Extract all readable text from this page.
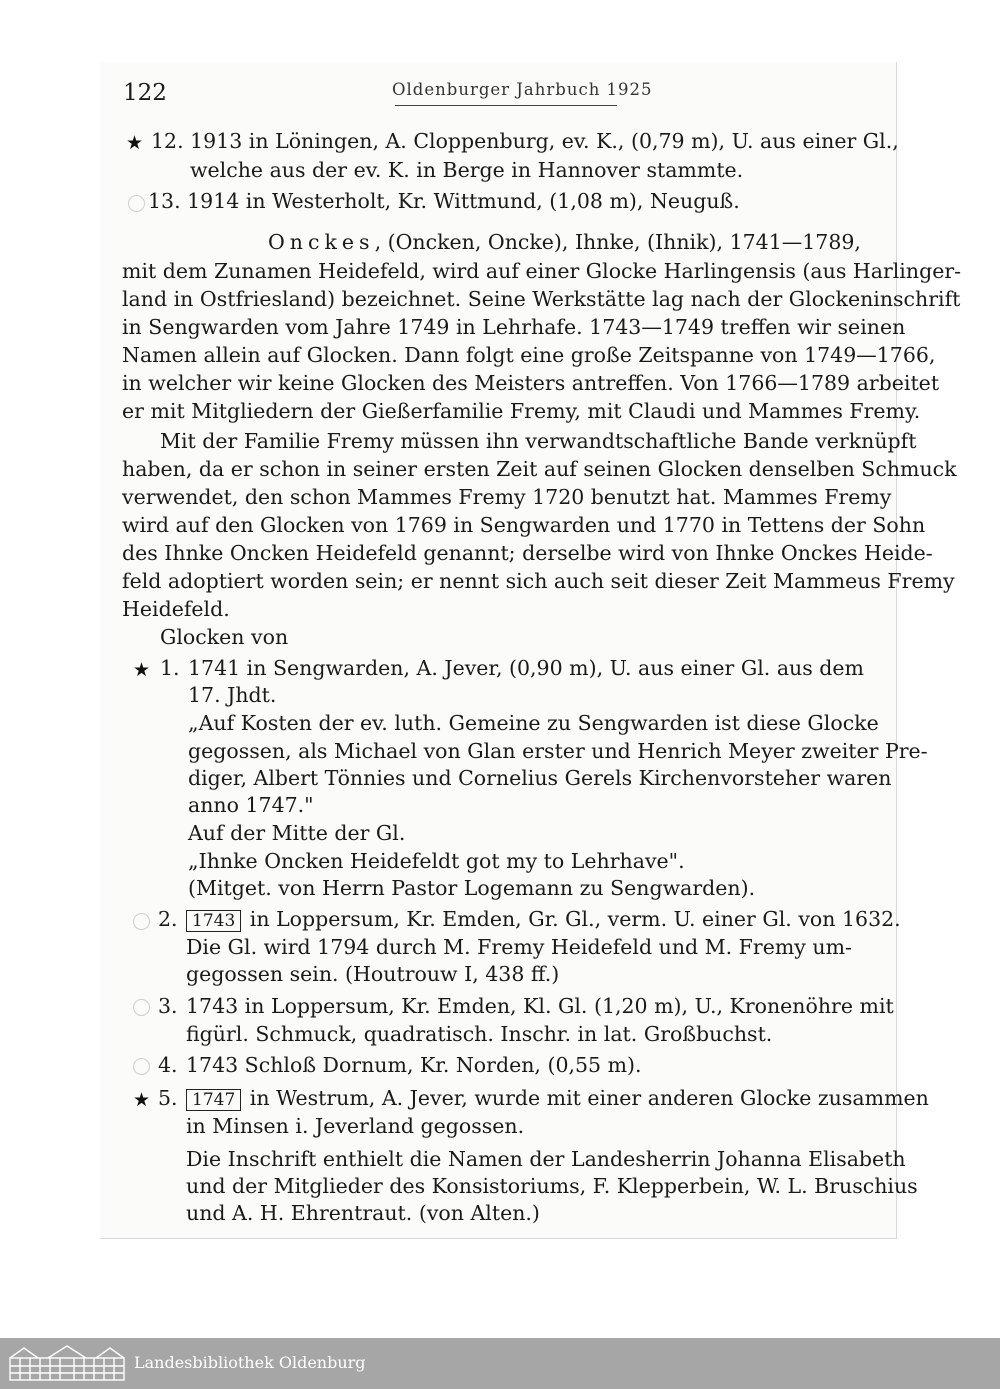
122	Oldenburger Jahrbuch 1925
★ 12. 1913 in Löningen, A. Cloppenburg, ev. K., (0,79 m), U. aus einer Gl.,
welche aus der ev. K. in Berge in Hannover stammte.
13. 1914 in Westerholt, Kr. Wittmund, (1,08 m), Neuguß.
Onckes, (Oncken, Oncke), Ihnke, (Ihnik), 1741—1789,
mit dem Zunamen Heidefeld, wird auf einer Glocke Harlingensis (aus Harlinger-
land in Ostfriesland) bezeichnet. Seine Werkstätte lag nach der Glockeninschrift
in Sengwarden vom Jahre 1749 in Lehrhafe. 1743—1749 treffen wir seinen
Namen allein auf Glocken. Dann folgt eine große Zeitspanne von 1749—1766,
in welcher wir keine Glocken des Meisters antreffen. Von 1766—1789 arbeitet
er mit Mitgliedern der Gießerfamilie Fremy, mit Claudi und Mammes Fremy.
Mit der Familie Fremy müssen ihn verwandtschaftliche Bande verknüpft
haben, da er schon in seiner ersten Zeit auf seinen Glocken denselben Schmuck
verwendet, den schon Mammes Fremy 1720 benutzt hat. Mammes Fremy
wird auf den Glocken von 1769 in Sengwarden und 1770 in Tettens der Sohn
des Ihnke Oncken Heidefeld genannt; derselbe wird von Ihnke Onckes Heide-
feld adoptiert worden sein; er nennt sich auch seit dieser Zeit Mammeus Fremy
Heidefeld.
Glocken von
★ 1. 1741 in Sengwarden, A. Jever, (0,90 m), U. aus einer Gl. aus dem
17. Jhdt.
„Auf Kosten der ev. luth. Gemeine zu Sengwarden ist diese Glocke
gegossen, als Michael von Glan erster und Henrich Meyer zweiter Pre-
diger, Albert Tönnies und Cornelius Gerels Kirchenvorsteher waren
anno 1747."
Auf der Mitte der Gl.
„Ihnke Oncken Heidefeldt got my to Lehrhave".
(Mitget. von Herrn Pastor Logemann zu Sengwarden).
2. 1743 in Loppersum, Kr. Emden, Gr. Gl., verm. U. einer Gl. von 1632.
Die Gl. wird 1794 durch M. Fremy Heidefeld und M. Fremy um-
gegossen sein. (Houtrouw I, 438 ff.)
3. 1743 in Loppersum, Kr. Emden, Kl. Gl. (1,20 m), U., Kronenöhre mit
figürl. Schmuck, quadratisch. Inschr. in lat. Großbuchst.
4. 1743 Schloß Dornum, Kr. Norden, (0,55 m).
★ 5. 1747 in Westrum, A. Jever, wurde mit einer anderen Glocke zusammen
in Minsen i. Jeverland gegossen.
Die Inschrift enthielt die Namen der Landesherrin Johanna Elisabeth
und der Mitglieder des Konsistoriums, F. Klepperbein, W. L. Bruschius
und A. H. Ehrentraut. (von Alten.)
Landesbibliothek Oldenburg
